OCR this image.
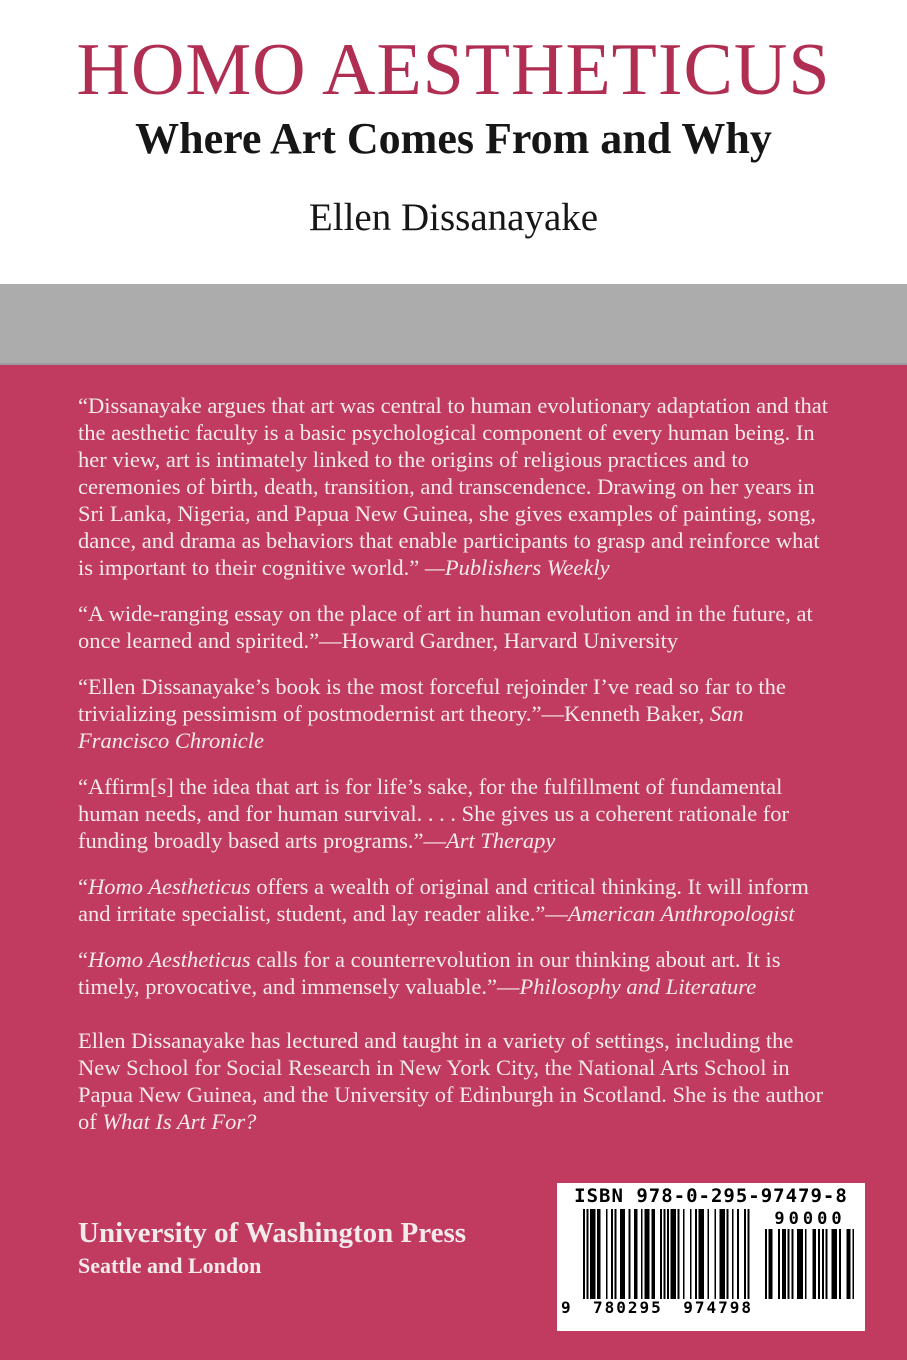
HOMO AESTHETICUS
Where Art Comes From and Why
Ellen Dissanayake

“Dissanayake argues that art was central to human evolutionary adaptation and that the aesthetic faculty is a basic psychological component of every human being. In her view, art is intimately linked to the origins of religious practices and to ceremonies of birth, death, transition, and transcendence. Drawing on her years in Sri Lanka, Nigeria, and Papua New Guinea, she gives examples of painting, song, dance, and drama as behaviors that enable participants to grasp and reinforce what is important to their cognitive world.” —Publishers Weekly

“A wide-ranging essay on the place of art in human evolution and in the future, at once learned and spirited.”—Howard Gardner, Harvard University

“Ellen Dissanayake’s book is the most forceful rejoinder I’ve read so far to the trivializing pessimism of postmodernist art theory.”—Kenneth Baker, San Francisco Chronicle

“Affirm[s] the idea that art is for life’s sake, for the fulfillment of fundamental human needs, and for human survival. . . . She gives us a coherent rationale for funding broadly based arts programs.”—Art Therapy

“Homo Aestheticus offers a wealth of original and critical thinking. It will inform and irritate specialist, student, and lay reader alike.”—American Anthropologist

“Homo Aestheticus calls for a counterrevolution in our thinking about art. It is timely, provocative, and immensely valuable.”—Philosophy and Literature

Ellen Dissanayake has lectured and taught in a variety of settings, including the New School for Social Research in New York City, the National Arts School in Papua New Guinea, and the University of Edinburgh in Scotland. She is the author of What Is Art For?

University of Washington Press
Seattle and London
ISBN 978-0-295-97479-8
9 780295 974798
90000
